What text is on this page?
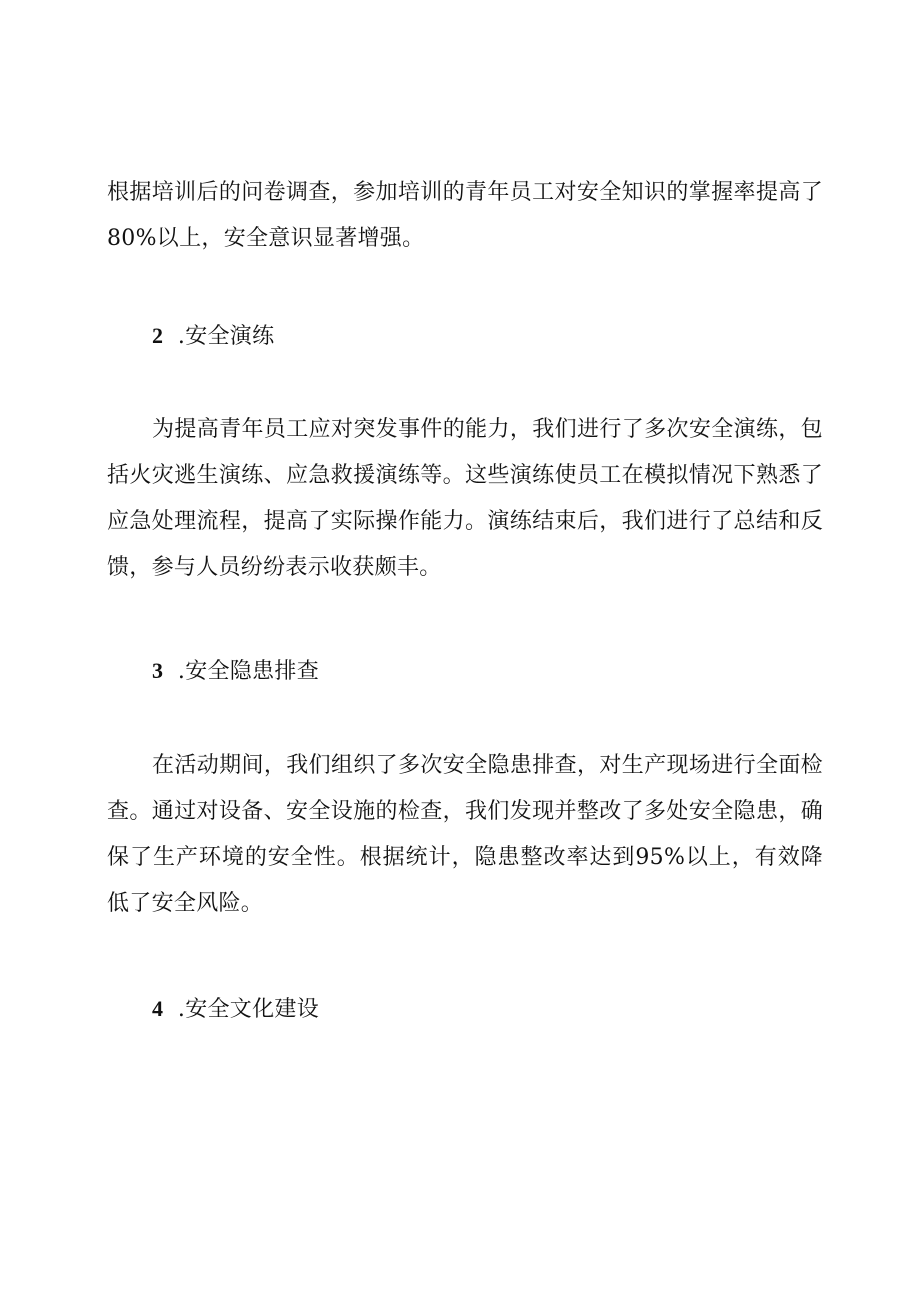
根据培训后的问卷调查，参加培训的青年员工对安全知识的掌握率提高了80%以上，安全意识显著增强。

2 .安全演练

为提高青年员工应对突发事件的能力，我们进行了多次安全演练，包括火灾逃生演练、应急救援演练等。这些演练使员工在模拟情况下熟悉了应急处理流程，提高了实际操作能力。演练结束后，我们进行了总结和反馈，参与人员纷纷表示收获颇丰。

3 .安全隐患排查

在活动期间，我们组织了多次安全隐患排查，对生产现场进行全面检查。通过对设备、安全设施的检查，我们发现并整改了多处安全隐患，确保了生产环境的安全性。根据统计，隐患整改率达到95%以上，有效降低了安全风险。

4 .安全文化建设
